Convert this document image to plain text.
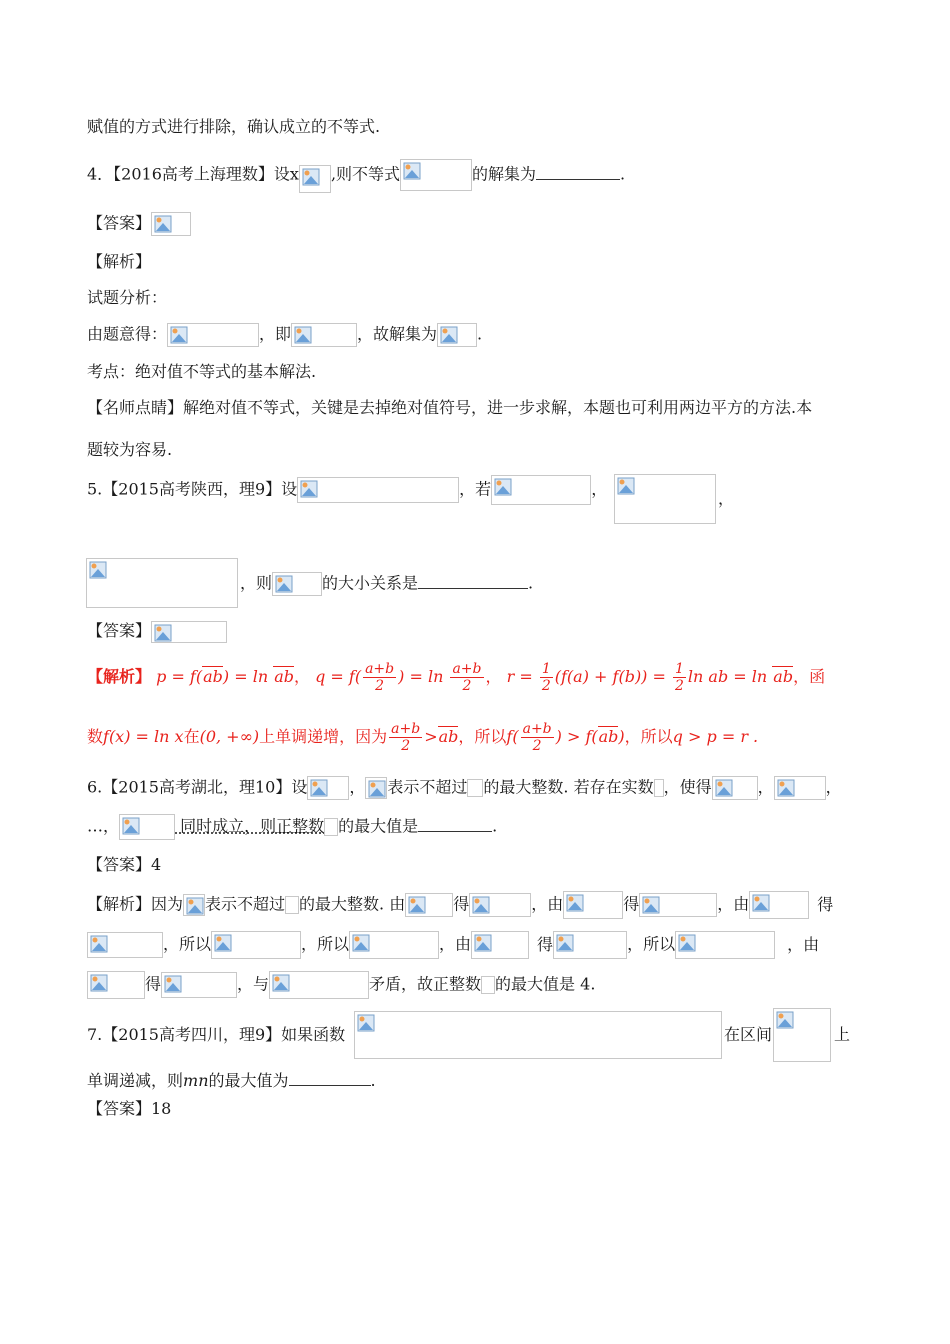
赋值的方式进行排除，确认成立的不等式.
4．【2016高考上海理数】设x ,则不等式	的解集为	.
【答案】
【解析】
试题分析：
由题意得：	，即	，故解集为	.
考点：绝对值不等式的基本解法.
【名师点睛】解绝对值不等式，关键是去掉绝对值符号，进一步求解，本题也可利用两边平方的方法.本
题较为容易.
5.【2015高考陕西，理9】设	，若	，	，
，则	的大小关系是	.
【答案】
【解析】 p = f(ab) = ln ab， $q = f( \frac{a+b}{2}$ ) = $\ln \frac{a+b}{2}$ ， $r = \frac{1}{2} (f(a) + f(b)) = \frac{1}{2}$ ln ab = ln ab，函
数f(x) = ln x在(0, +∞)上单调递增，因为 $\frac{a+b}{2} >ab$，所以$f( \frac{a+b}{2}$ ) > f(ab)，所以q > p = r .
6.【2015高考湖北，理10】设	， 表示不超过 的最大整数. 若存在实数 ，使得	，	，
…，	同时成立，则正整数 的最大值是	.
【答案】4
【解析】因为 表示不超过 的最大整数. 由	得	，由	得	，由	得
，所以	，所以	，由	得	，所以	，由
得	，与	矛盾，故正整数 的最大值是 4.
7.【2015高考四川，理9】如果函数	在区间	上
单调递减，则mn的最大值为	.
【答案】18
